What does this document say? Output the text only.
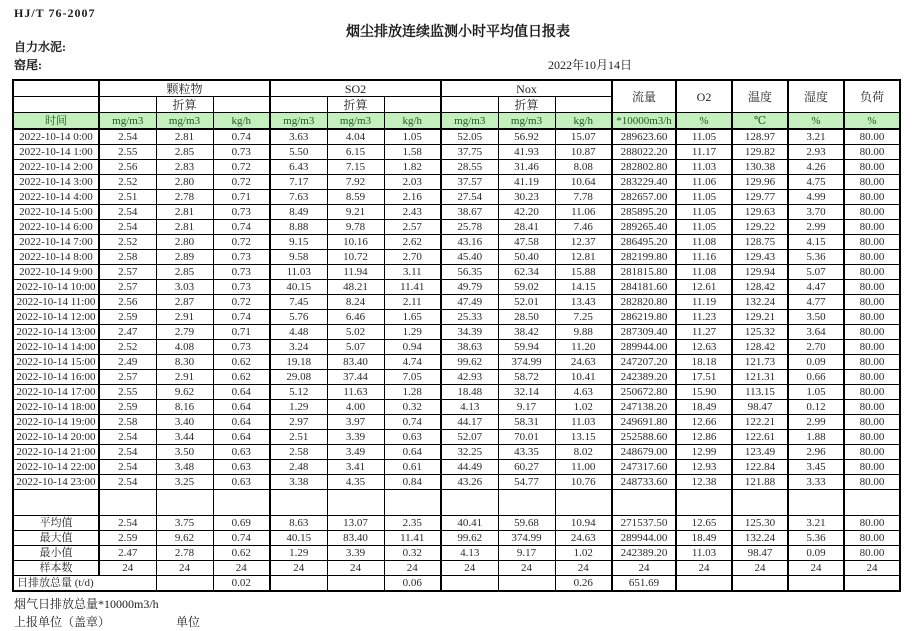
HJ/T 76-2007
烟尘排放连续监测小时平均值日报表
自力水泥:
窑尾:	2022年10月14日
	颗粒物			SO2			Nox			流量	O2	温度	湿度	负荷
		折算			折算			折算						
时间	mg/m3	mg/m3	kg/h	mg/m3	mg/m3	kg/h	mg/m3	mg/m3	kg/h	*10000m3/h	%	℃	%	%
2022-10-14 0:00	2.54	2.81	0.74	3.63	4.04	1.05	52.05	56.92	15.07	289623.60	11.05	128.97	3.21	80.00
2022-10-14 1:00	2.55	2.85	0.73	5.50	6.15	1.58	37.75	41.93	10.87	288022.20	11.17	129.82	2.93	80.00
2022-10-14 2:00	2.56	2.83	0.72	6.43	7.15	1.82	28.55	31.46	8.08	282802.80	11.03	130.38	4.26	80.00
2022-10-14 3:00	2.52	2.80	0.72	7.17	7.92	2.03	37.57	41.19	10.64	283229.40	11.06	129.96	4.75	80.00
2022-10-14 4:00	2.51	2.78	0.71	7.63	8.59	2.16	27.54	30.23	7.78	282657.00	11.05	129.77	4.99	80.00
2022-10-14 5:00	2.54	2.81	0.73	8.49	9.21	2.43	38.67	42.20	11.06	285895.20	11.05	129.63	3.70	80.00
2022-10-14 6:00	2.54	2.81	0.74	8.88	9.78	2.57	25.78	28.41	7.46	289265.40	11.05	129.22	2.99	80.00
2022-10-14 7:00	2.52	2.80	0.72	9.15	10.16	2.62	43.16	47.58	12.37	286495.20	11.08	128.75	4.15	80.00
2022-10-14 8:00	2.58	2.89	0.73	9.58	10.72	2.70	45.40	50.40	12.81	282199.80	11.16	129.43	5.36	80.00
2022-10-14 9:00	2.57	2.85	0.73	11.03	11.94	3.11	56.35	62.34	15.88	281815.80	11.08	129.94	5.07	80.00
2022-10-14 10:00	2.57	3.03	0.73	40.15	48.21	11.41	49.79	59.02	14.15	284181.60	12.61	128.42	4.47	80.00
2022-10-14 11:00	2.56	2.87	0.72	7.45	8.24	2.11	47.49	52.01	13.43	282820.80	11.19	132.24	4.77	80.00
2022-10-14 12:00	2.59	2.91	0.74	5.76	6.46	1.65	25.33	28.50	7.25	286219.80	11.23	129.21	3.50	80.00
2022-10-14 13:00	2.47	2.79	0.71	4.48	5.02	1.29	34.39	38.42	9.88	287309.40	11.27	125.32	3.64	80.00
2022-10-14 14:00	2.52	4.08	0.73	3.24	5.07	0.94	38.63	59.94	11.20	289944.00	12.63	128.42	2.70	80.00
2022-10-14 15:00	2.49	8.30	0.62	19.18	83.40	4.74	99.62	374.99	24.63	247207.20	18.18	121.73	0.09	80.00
2022-10-14 16:00	2.57	2.91	0.62	29.08	37.44	7.05	42.93	58.72	10.41	242389.20	17.51	121.31	0.66	80.00
2022-10-14 17:00	2.55	9.62	0.64	5.12	11.63	1.28	18.48	32.14	4.63	250672.80	15.90	113.15	1.05	80.00
2022-10-14 18:00	2.59	8.16	0.64	1.29	4.00	0.32	4.13	9.17	1.02	247138.20	18.49	98.47	0.12	80.00
2022-10-14 19:00	2.58	3.40	0.64	2.97	3.97	0.74	44.17	58.31	11.03	249691.80	12.66	122.21	2.99	80.00
2022-10-14 20:00	2.54	3.44	0.64	2.51	3.39	0.63	52.07	70.01	13.15	252588.60	12.86	122.61	1.88	80.00
2022-10-14 21:00	2.54	3.50	0.63	2.58	3.49	0.64	32.25	43.35	8.02	248679.00	12.99	123.49	2.96	80.00
2022-10-14 22:00	2.54	3.48	0.63	2.48	3.41	0.61	44.49	60.27	11.00	247317.60	12.93	122.84	3.45	80.00
2022-10-14 23:00	2.54	3.25	0.63	3.38	4.35	0.84	43.26	54.77	10.76	248733.60	12.38	121.88	3.33	80.00

平均值	2.54	3.75	0.69	8.63	13.07	2.35	40.41	59.68	10.94	271537.50	12.65	125.30	3.21	80.00
最大值	2.59	9.62	0.74	40.15	83.40	11.41	99.62	374.99	24.63	289944.00	18.49	132.24	5.36	80.00
最小值	2.47	2.78	0.62	1.29	3.39	0.32	4.13	9.17	1.02	242389.20	11.03	98.47	0.09	80.00
样本数	24	24	24	24	24	24	24	24	24	24	24	24	24	24
日排放总量 (t/d)			0.02			0.06			0.26	651.69				
烟气日排放总量*10000m3/h
上报单位（盖章）	单位
